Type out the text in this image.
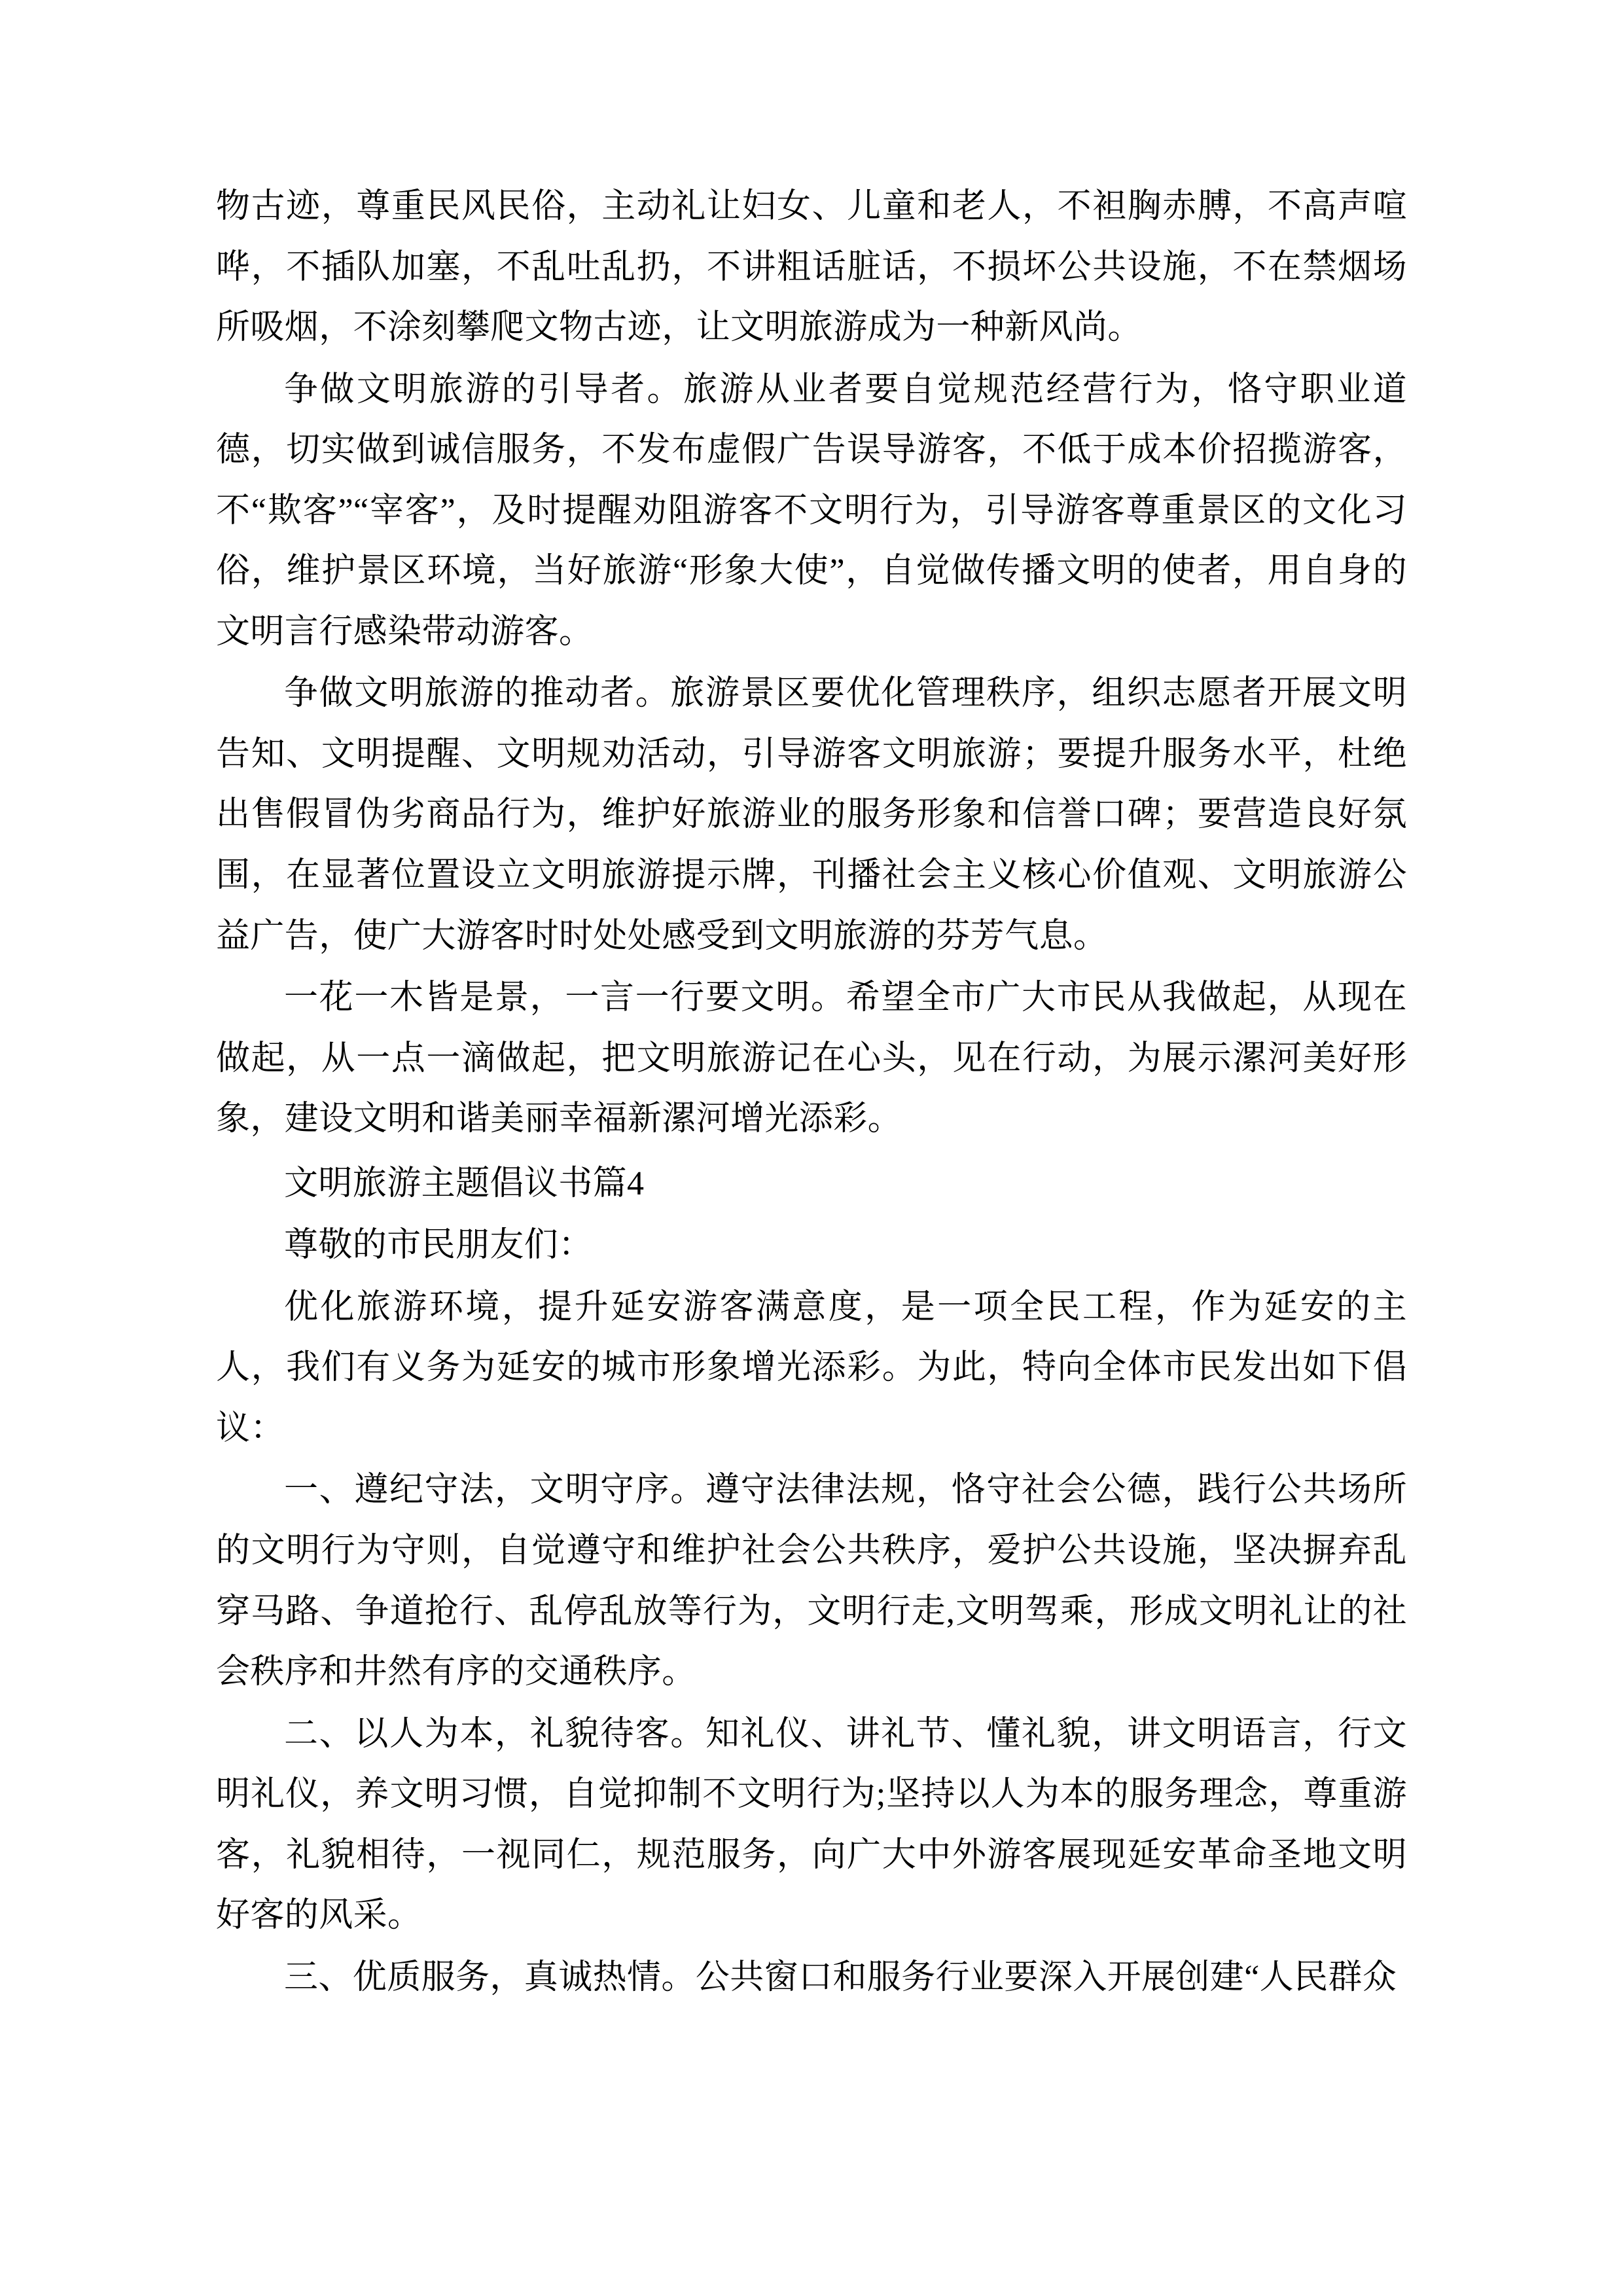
物古迹，尊重民风民俗，主动礼让妇女、儿童和老人，不袒胸赤膊，不高声喧哗，不插队加塞，不乱吐乱扔，不讲粗话脏话，不损坏公共设施，不在禁烟场所吸烟，不涂刻攀爬文物古迹，让文明旅游成为一种新风尚。

争做文明旅游的引导者。旅游从业者要自觉规范经营行为，恪守职业道德，切实做到诚信服务，不发布虚假广告误导游客，不低于成本价招揽游客，不“欺客”“宰客”，及时提醒劝阻游客不文明行为，引导游客尊重景区的文化习俗，维护景区环境，当好旅游“形象大使”，自觉做传播文明的使者，用自身的文明言行感染带动游客。

争做文明旅游的推动者。旅游景区要优化管理秩序，组织志愿者开展文明告知、文明提醒、文明规劝活动，引导游客文明旅游；要提升服务水平，杜绝出售假冒伪劣商品行为，维护好旅游业的服务形象和信誉口碑；要营造良好氛围，在显著位置设立文明旅游提示牌，刊播社会主义核心价值观、文明旅游公益广告，使广大游客时时处处感受到文明旅游的芬芳气息。

一花一木皆是景，一言一行要文明。希望全市广大市民从我做起，从现在做起，从一点一滴做起，把文明旅游记在心头，见在行动，为展示漯河美好形象，建设文明和谐美丽幸福新漯河增光添彩。

文明旅游主题倡议书篇4

尊敬的市民朋友们：

优化旅游环境，提升延安游客满意度，是一项全民工程，作为延安的主人，我们有义务为延安的城市形象增光添彩。为此，特向全体市民发出如下倡议：

一、遵纪守法，文明守序。遵守法律法规，恪守社会公德，践行公共场所的文明行为守则，自觉遵守和维护社会公共秩序，爱护公共设施，坚决摒弃乱穿马路、争道抢行、乱停乱放等行为，文明行走,文明驾乘，形成文明礼让的社会秩序和井然有序的交通秩序。

二、以人为本，礼貌待客。知礼仪、讲礼节、懂礼貌，讲文明语言，行文明礼仪，养文明习惯，自觉抑制不文明行为;坚持以人为本的服务理念，尊重游客，礼貌相待，一视同仁，规范服务，向广大中外游客展现延安革命圣地文明好客的风采。

三、优质服务，真诚热情。公共窗口和服务行业要深入开展创建“人民群众
